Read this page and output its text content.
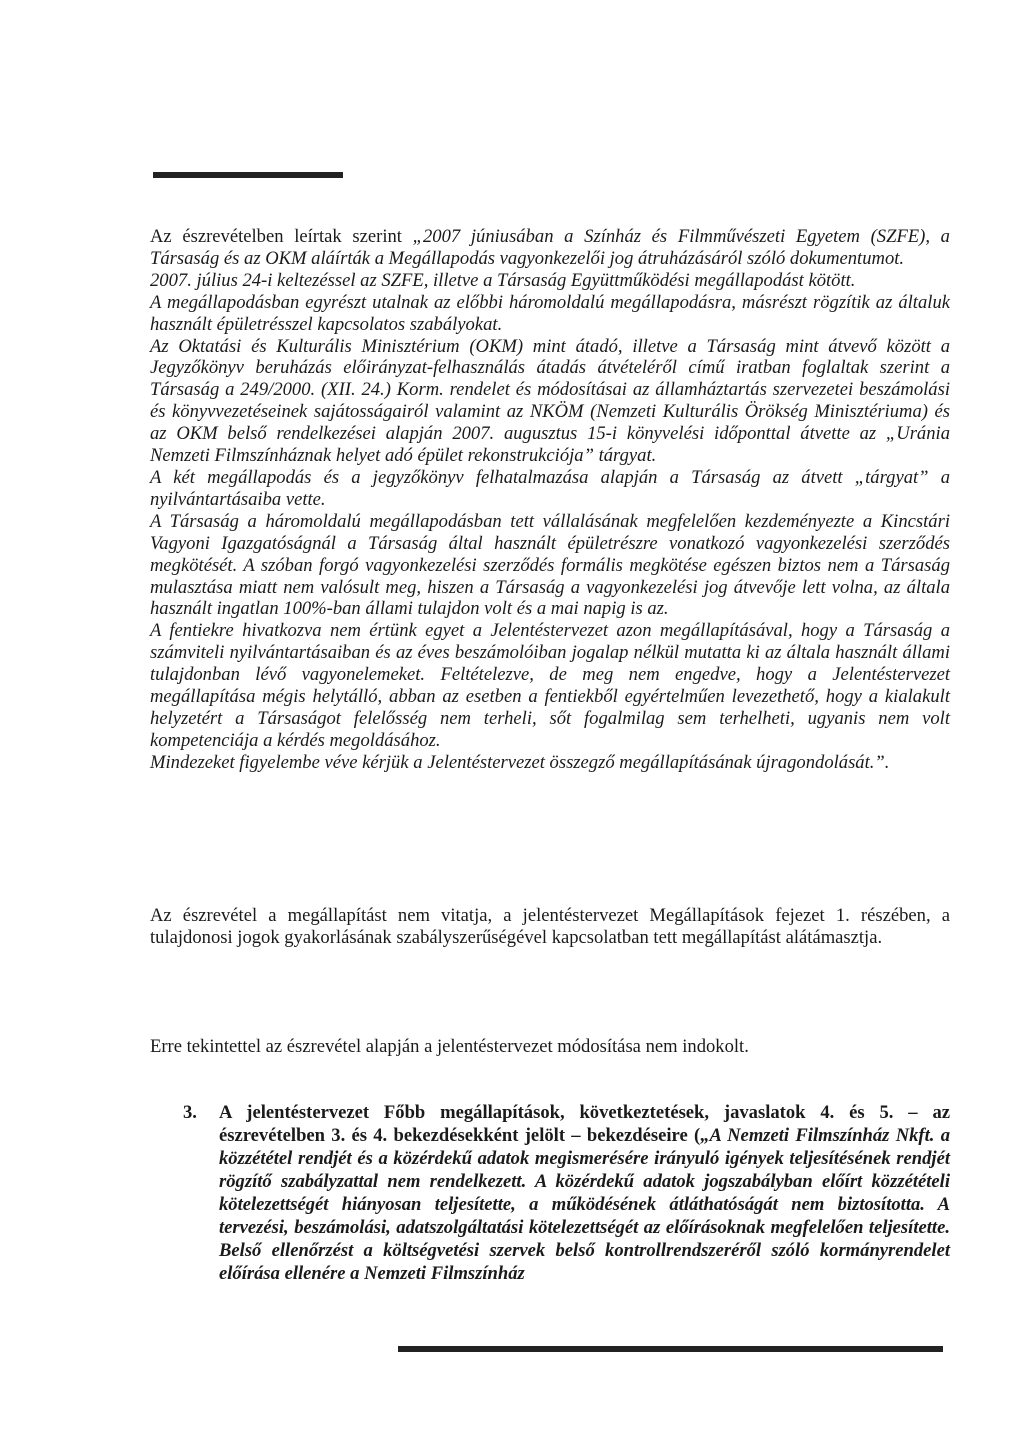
Az észrevételben leírtak szerint „2007 júniusában a Színház és Filmművészeti Egyetem (SZFE), a Társaság és az OKM aláírták a Megállapodás vagyonkezelői jog átruházásáról szóló dokumentumot.

2007. július 24-i keltezéssel az SZFE, illetve a Társaság Együttműködési megállapodást kötött.

A megállapodásban egyrészt utalnak az előbbi háromoldalú megállapodásra, másrészt rögzítik az általuk használt épületrésszel kapcsolatos szabályokat.

Az Oktatási és Kulturális Minisztérium (OKM) mint átadó, illetve a Társaság mint átvevő között a Jegyzőkönyv beruházás előirányzat-felhasználás átadás átvételéről című iratban foglaltak szerint a Társaság a 249/2000. (XII. 24.) Korm. rendelet és módosításai az államháztartás szervezetei beszámolási és könyvvezetéseinek sajátosságairól valamint az NKÖM (Nemzeti Kulturális Örökség Minisztériuma) és az OKM belső rendelkezései alapján 2007. augusztus 15-i könyvelési időponttal átvette az „Uránia Nemzeti Filmszínháznak helyet adó épület rekonstrukciója” tárgyat.

A két megállapodás és a jegyzőkönyv felhatalmazása alapján a Társaság az átvett „tárgyat” a nyilvántartásaiba vette.

A Társaság a háromoldalú megállapodásban tett vállalásának megfelelően kezdeményezte a Kincstári Vagyoni Igazgatóságnál a Társaság által használt épületrészre vonatkozó vagyonkezelési szerződés megkötését. A szóban forgó vagyonkezelési szerződés formális megkötése egészen biztos nem a Társaság mulasztása miatt nem valósult meg, hiszen a Társaság a vagyonkezelési jog átvevője lett volna, az általa használt ingatlan 100%-ban állami tulajdon volt és a mai napig is az.

A fentiekre hivatkozva nem értünk egyet a Jelentéstervezet azon megállapításával, hogy a Társaság a számviteli nyilvántartásaiban és az éves beszámolóiban jogalap nélkül mutatta ki az általa használt állami tulajdonban lévő vagyonelemeket. Feltételezve, de meg nem engedve, hogy a Jelentéstervezet megállapítása mégis helytálló, abban az esetben a fentiekből egyértelműen levezethető, hogy a kialakult helyzetért a Társaságot felelősség nem terheli, sőt fogalmilag sem terhelheti, ugyanis nem volt kompetenciája a kérdés megoldásához.

Mindezeket figyelembe véve kérjük a Jelentéstervezet összegző megállapításának újragondolását.”.

Az észrevétel a megállapítást nem vitatja, a jelentéstervezet Megállapítások fejezet 1. részében, a tulajdonosi jogok gyakorlásának szabályszerűségével kapcsolatban tett megállapítást alátámasztja.

Erre tekintettel az észrevétel alapján a jelentéstervezet módosítása nem indokolt.

3. A jelentéstervezet Főbb megállapítások, következtetések, javaslatok 4. és 5. – az észrevételben 3. és 4. bekezdésekként jelölt – bekezdéseire („A Nemzeti Filmszínház Nkft. a közzététel rendjét és a közérdekű adatok megismerésére irányuló igények teljesítésének rendjét rögzítő szabályzattal nem rendelkezett. A közérdekű adatok jogszabályban előírt közzétételi kötelezettségét hiányosan teljesítette, a működésének átláthatóságát nem biztosította. A tervezési, beszámolási, adatszolgáltatási kötelezettségét az előírásoknak megfelelően teljesítette. Belső ellenőrzést a költségvetési szervek belső kontrollrendszeréről szóló kormányrendelet előírása ellenére a Nemzeti Filmszínház
